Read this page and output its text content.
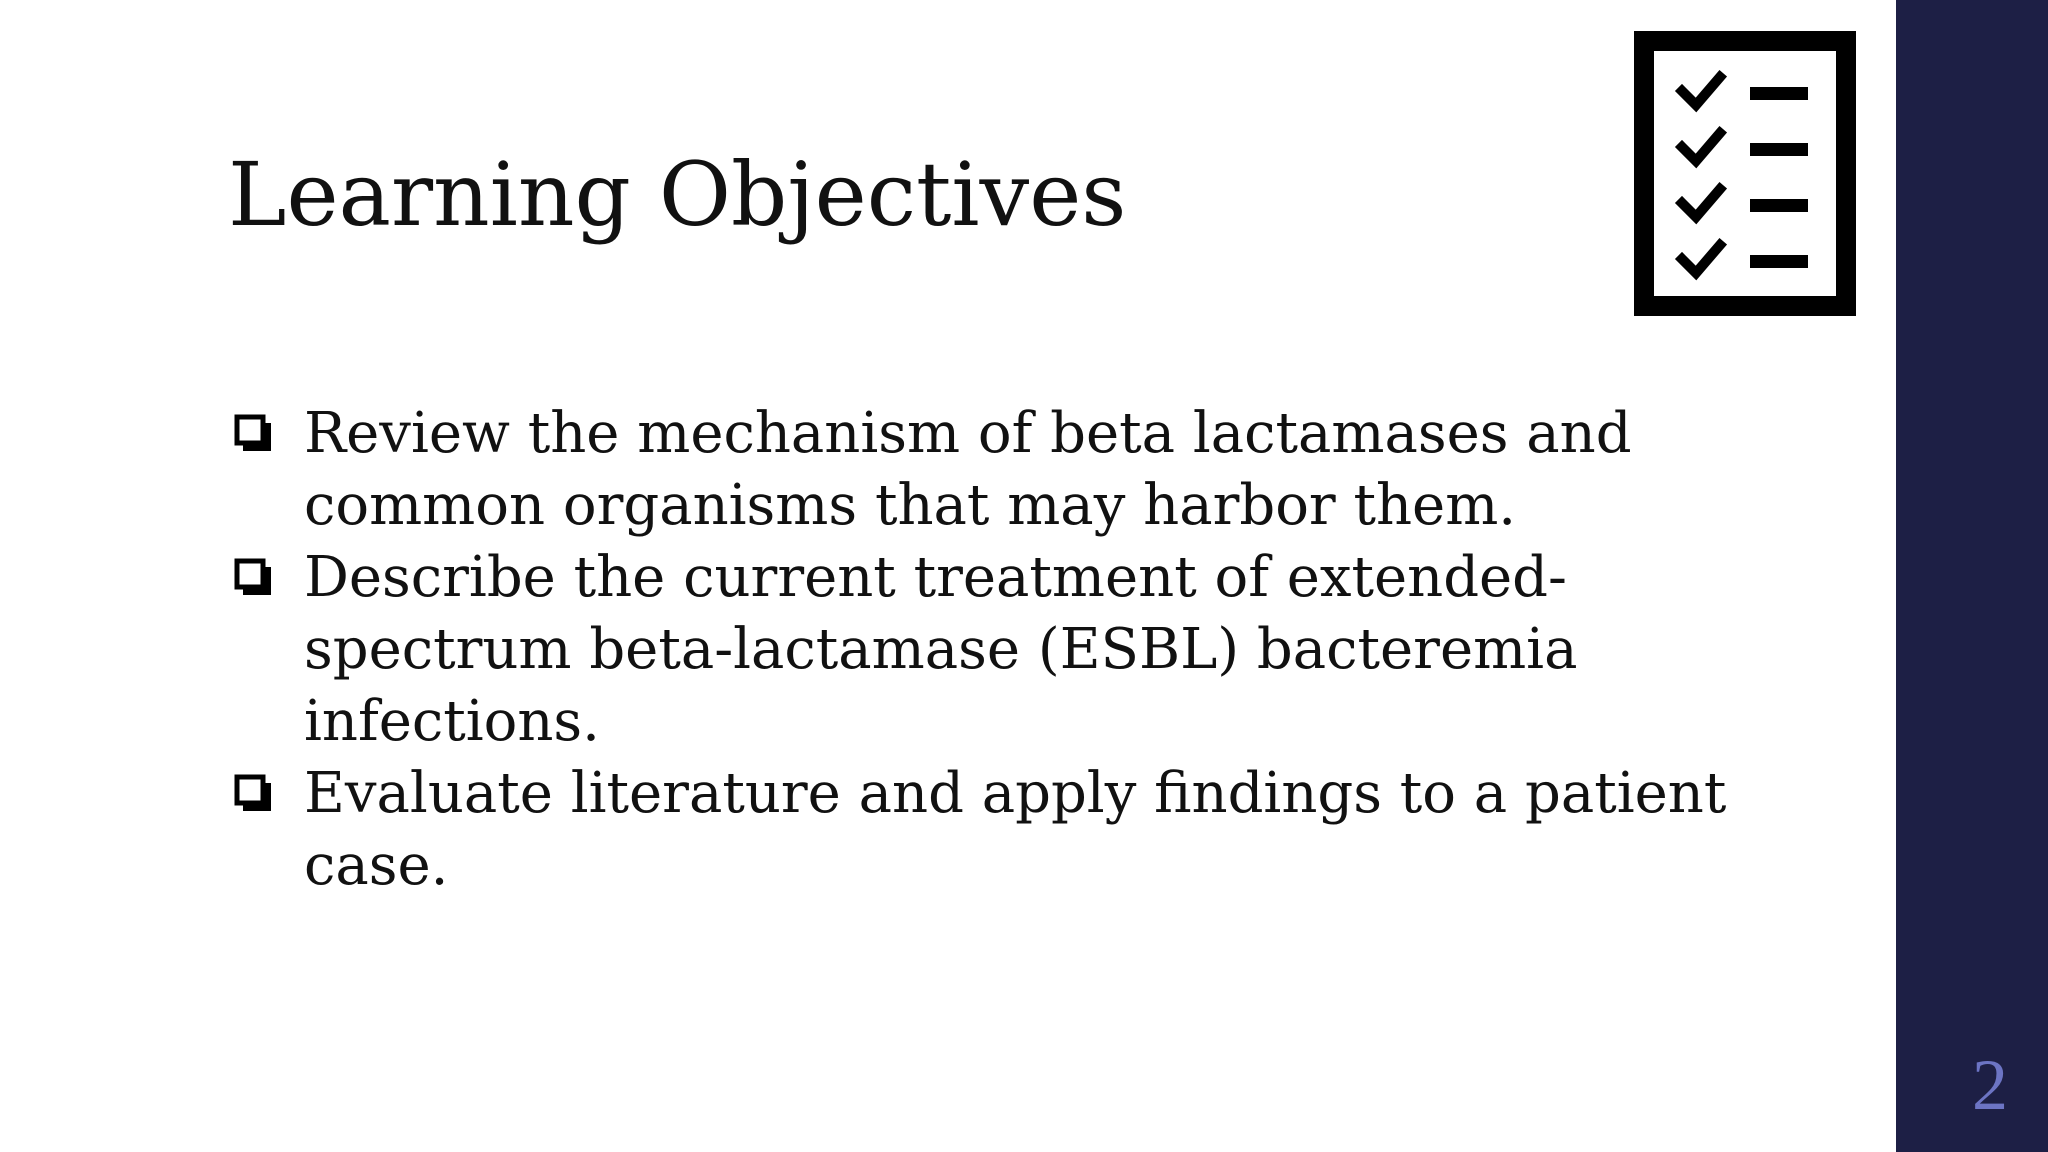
Learning Objectives
Review the mechanism of beta lactamases and common organisms that may harbor them.
Describe the current treatment of extended-spectrum beta-lactamase (ESBL) bacteremia infections.
Evaluate literature and apply findings to a patient case.
2
